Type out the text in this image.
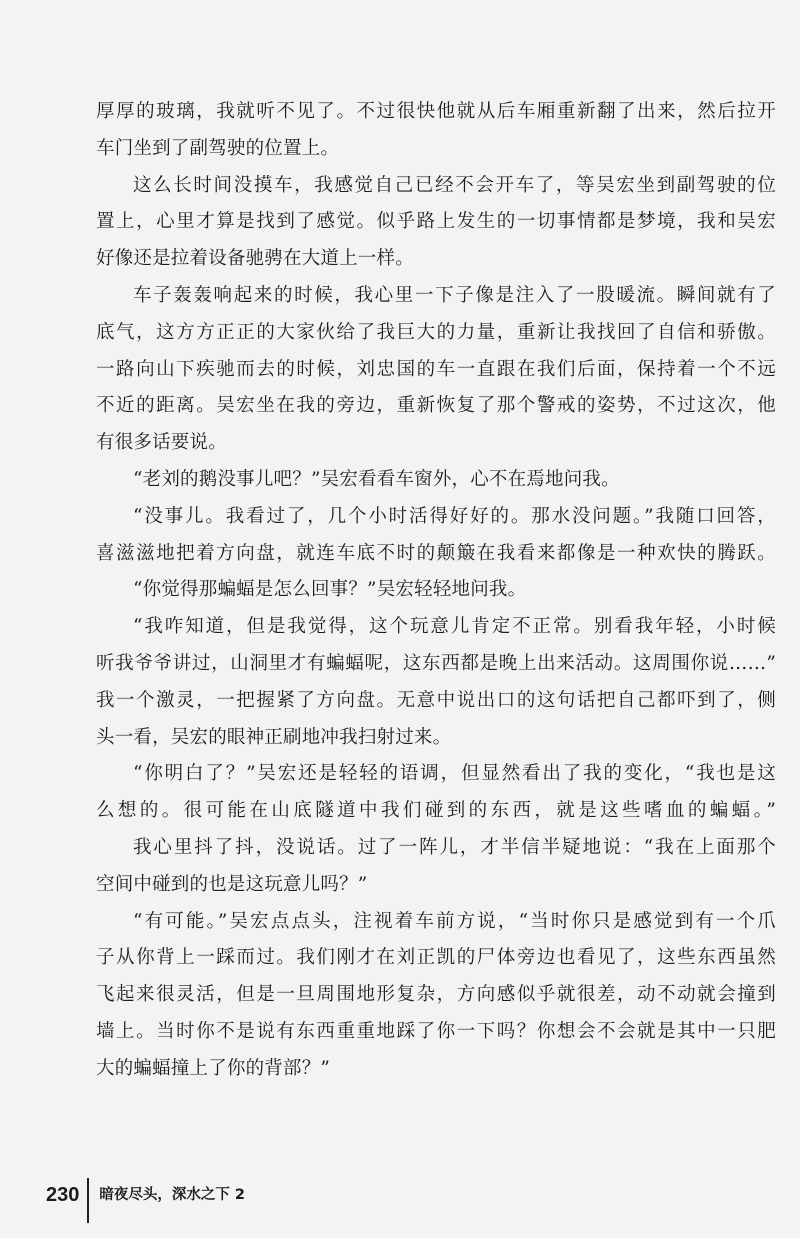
厚厚的玻璃，我就听不见了。不过很快他就从后车厢重新翻了出来，然后拉开
车门坐到了副驾驶的位置上。
这么长时间没摸车，我感觉自己已经不会开车了，等吴宏坐到副驾驶的位
置上，心里才算是找到了感觉。似乎路上发生的一切事情都是梦境，我和吴宏
好像还是拉着设备驰骋在大道上一样。
车子轰轰响起来的时候，我心里一下子像是注入了一股暖流。瞬间就有了
底气，这方方正正的大家伙给了我巨大的力量，重新让我找回了自信和骄傲。
一路向山下疾驰而去的时候，刘忠国的车一直跟在我们后面，保持着一个不远
不近的距离。吴宏坐在我的旁边，重新恢复了那个警戒的姿势，不过这次，他
有很多话要说。
“老刘的鹅没事儿吧？”吴宏看看车窗外，心不在焉地问我。
“没事儿。我看过了，几个小时活得好好的。那水没问题。”我随口回答，
喜滋滋地把着方向盘，就连车底不时的颠簸在我看来都像是一种欢快的腾跃。
“你觉得那蝙蝠是怎么回事？”吴宏轻轻地问我。
“我咋知道，但是我觉得，这个玩意儿肯定不正常。别看我年轻，小时候
听我爷爷讲过，山洞里才有蝙蝠呢，这东西都是晚上出来活动。这周围你说……”
我一个激灵，一把握紧了方向盘。无意中说出口的这句话把自己都吓到了，侧
头一看，吴宏的眼神正刷地冲我扫射过来。
“你明白了？”吴宏还是轻轻的语调，但显然看出了我的变化，“我也是这
么想的。很可能在山底隧道中我们碰到的东西，就是这些嗜血的蝙蝠。”
我心里抖了抖，没说话。过了一阵儿，才半信半疑地说：“我在上面那个
空间中碰到的也是这玩意儿吗？”
“有可能。”吴宏点点头，注视着车前方说，“当时你只是感觉到有一个爪
子从你背上一踩而过。我们刚才在刘正凯的尸体旁边也看见了，这些东西虽然
飞起来很灵活，但是一旦周围地形复杂，方向感似乎就很差，动不动就会撞到
墙上。当时你不是说有东西重重地踩了你一下吗？你想会不会就是其中一只肥
大的蝙蝠撞上了你的背部？”
230 暗夜尽头，深水之下 2
